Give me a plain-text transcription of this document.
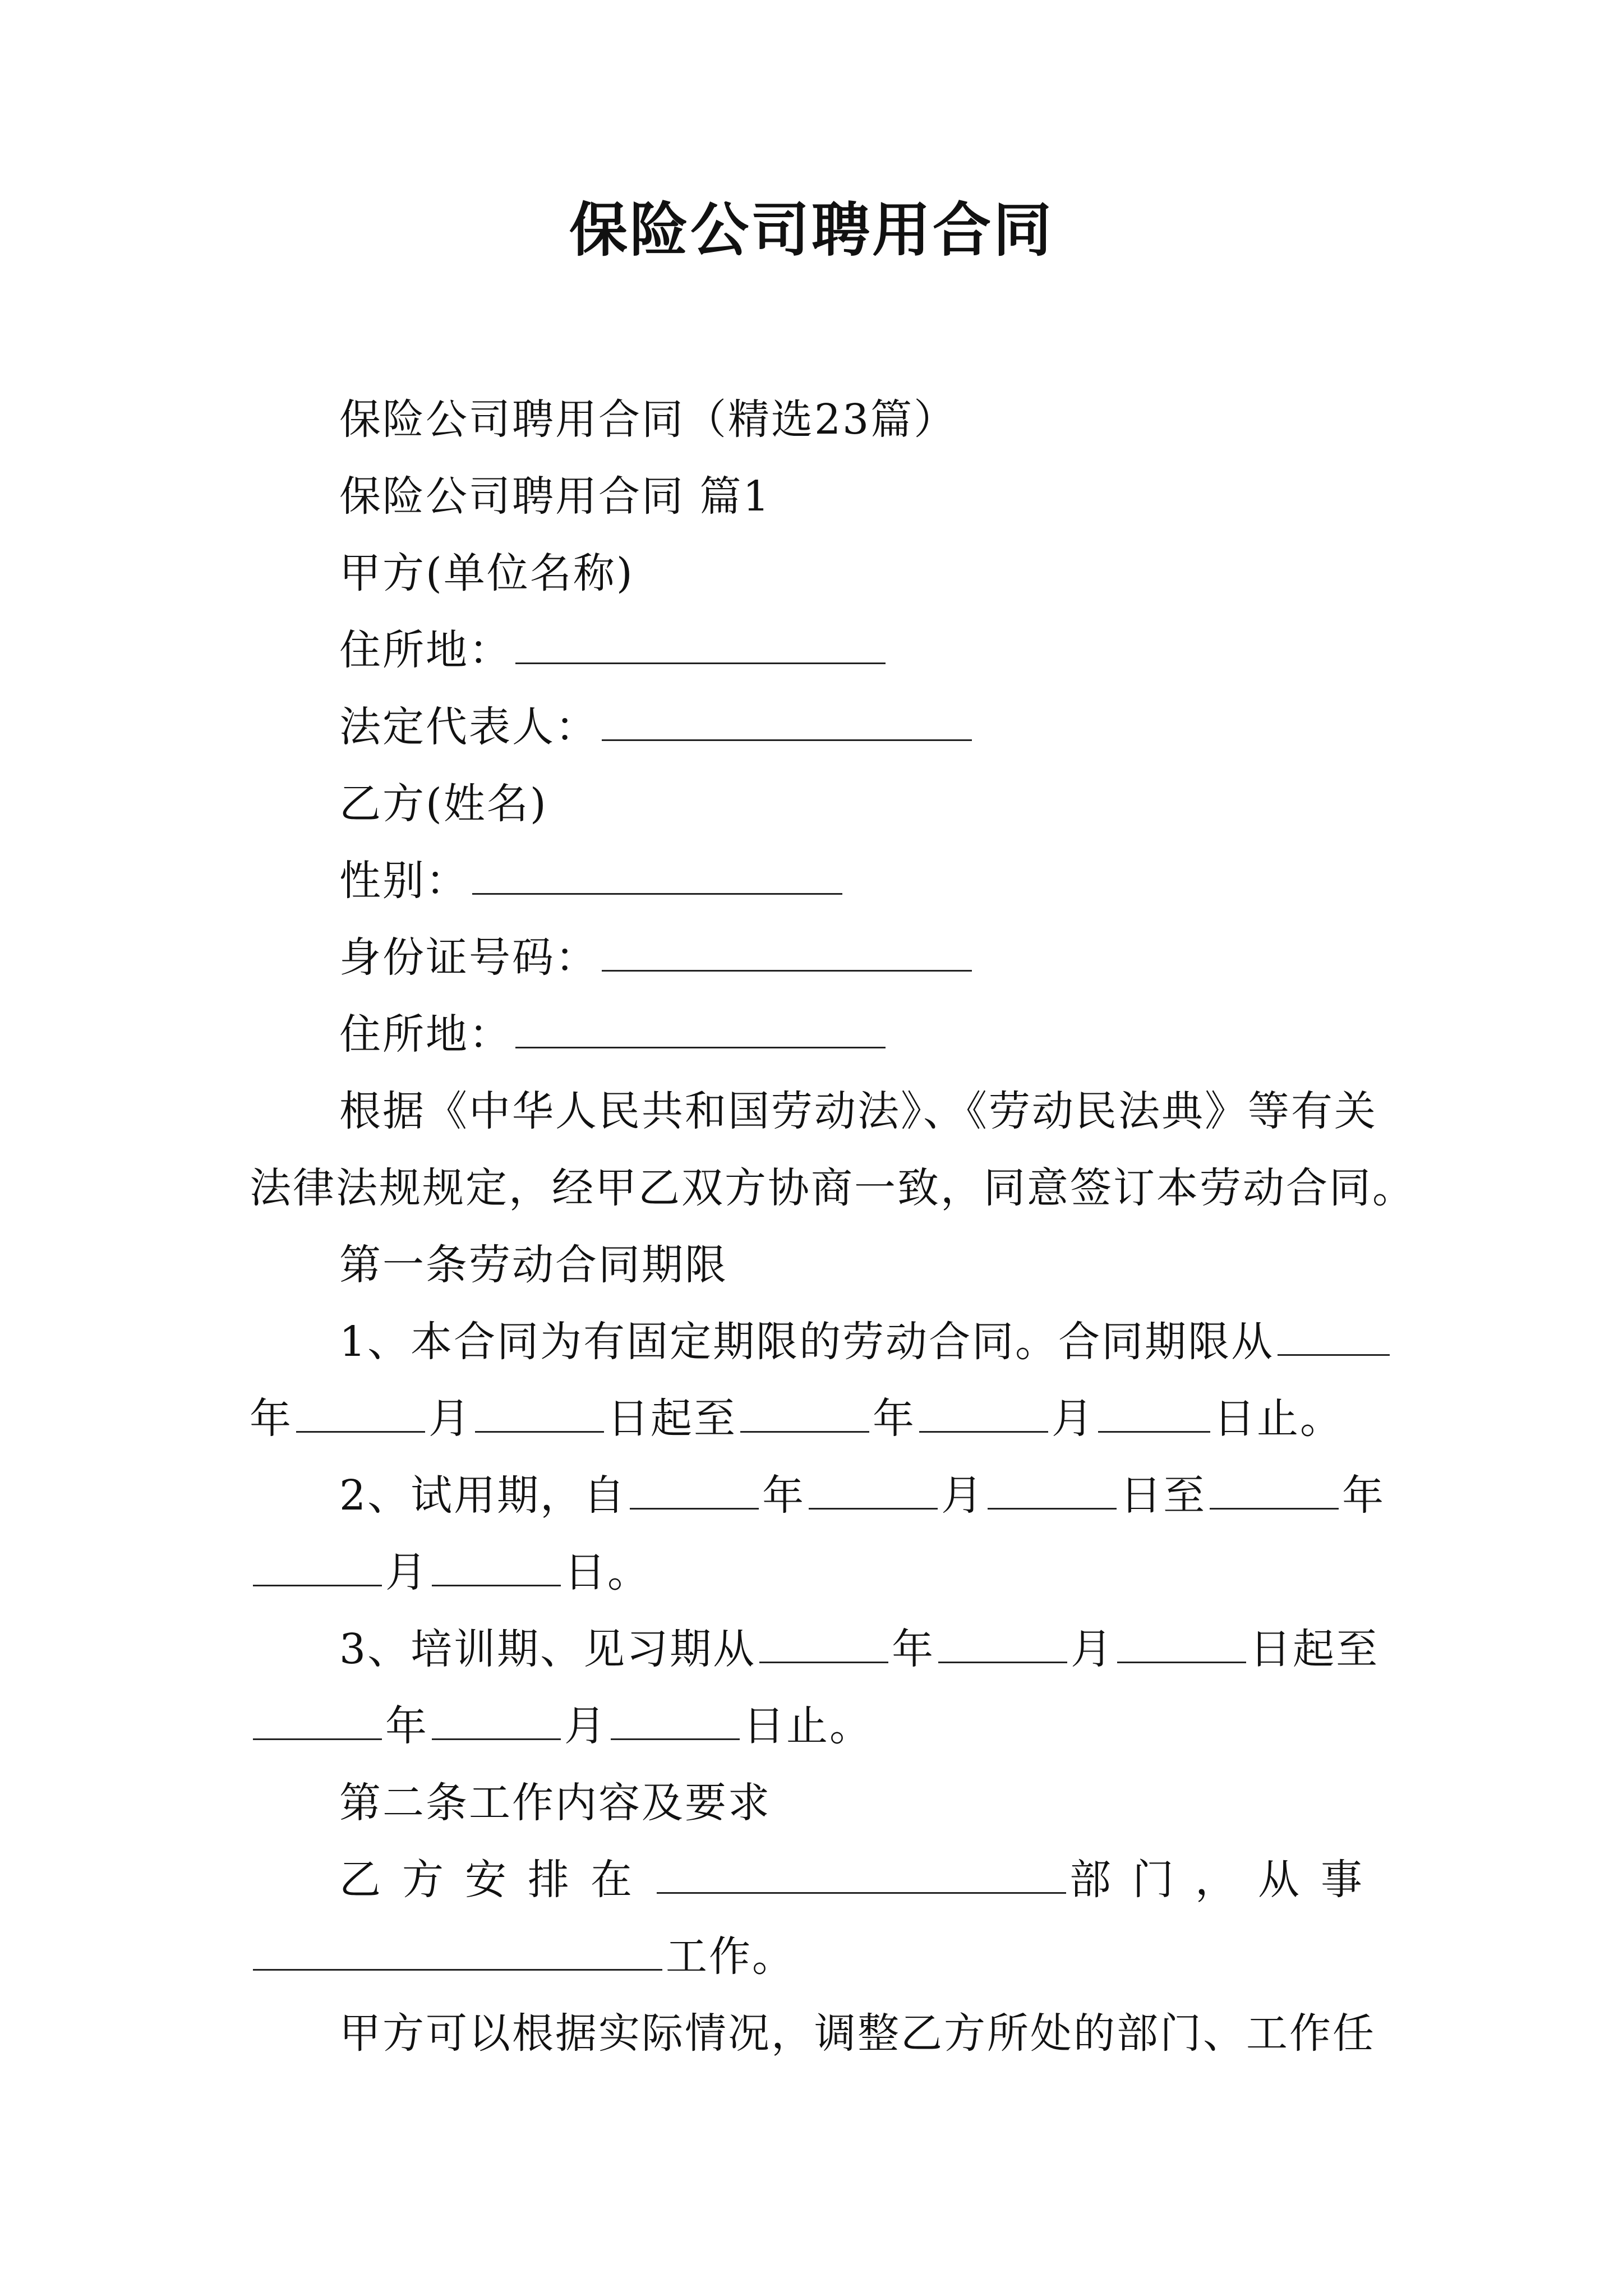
保险公司聘用合同
保险公司聘用合同（精选23篇）
保险公司聘用合同 篇1
甲方(单位名称)
住所地：
法定代表人：
乙方(姓名)
性别：
身份证号码：
住所地：
根据《中华人民共和国劳动法》、《劳动民法典》等有关
法律法规规定，经甲乙双方协商一致，同意签订本劳动合同。
第一条劳动合同期限
1、本合同为有固定期限的劳动合同。合同期限从
年	月	日起至	年	月	日止。
2、试用期，自	年	月	日至	年
月	日。
3、培训期、见习期从	年	月	日起至
年	月	日止。
第二条工作内容及要求
乙方安排在	部门，从事
工作。
甲方可以根据实际情况，调整乙方所处的部门、工作任
